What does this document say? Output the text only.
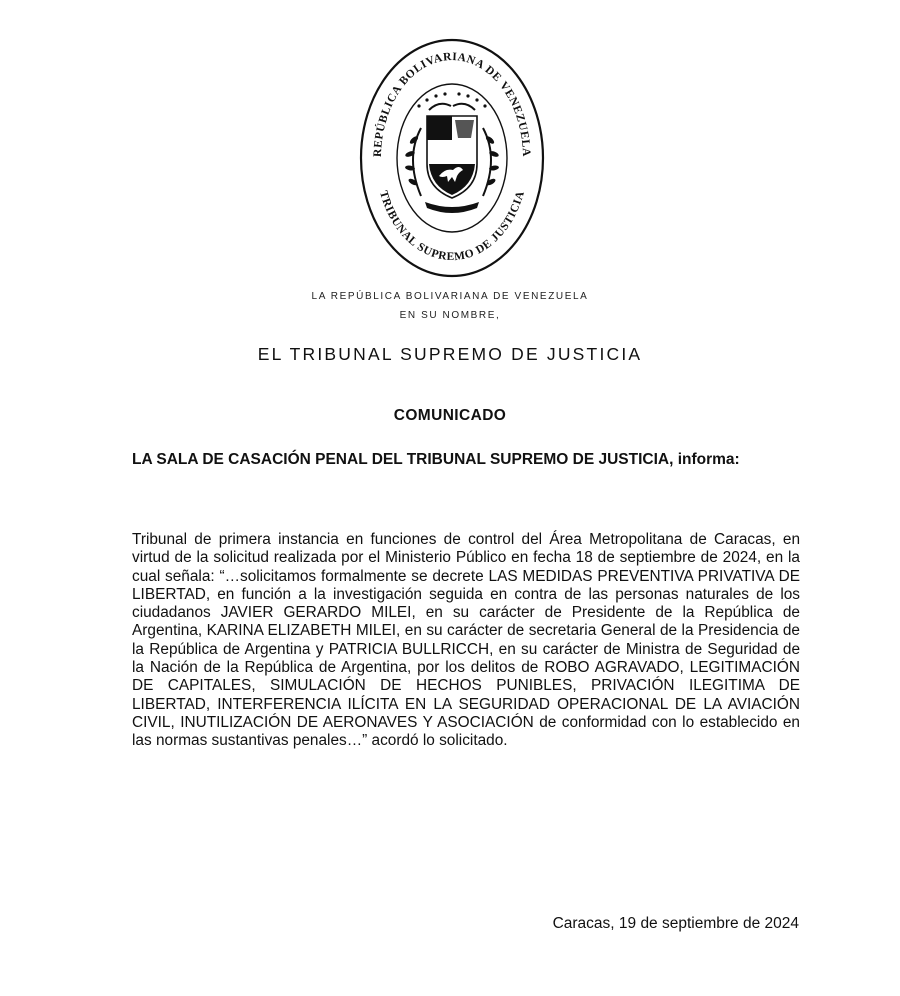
REPÚBLICA BOLIVARIANA DE VENEZUELA
TRIBUNAL SUPREMO DE JUSTICIA
LA REPÚBLICA BOLIVARIANA DE VENEZUELA
EN SU NOMBRE,
EL TRIBUNAL SUPREMO DE JUSTICIA
COMUNICADO
LA SALA DE CASACIÓN PENAL DEL TRIBUNAL SUPREMO DE JUSTICIA, informa:
Tribunal de primera instancia en funciones de control del Área Metropolitana de Caracas, en virtud de la solicitud realizada por el Ministerio Público en fecha 18 de septiembre de 2024, en la cual señala: “…solicitamos formalmente se decrete LAS MEDIDAS PREVENTIVA PRIVATIVA DE LIBERTAD, en función a la investigación seguida en contra de las personas naturales de los ciudadanos JAVIER GERARDO MILEI, en su carácter de Presidente de la República de Argentina, KARINA ELIZABETH MILEI, en su carácter de secretaria General de la Presidencia de la República de Argentina y PATRICIA BULLRICCH, en su carácter de Ministra de Seguridad de la Nación de la República de Argentina, por los delitos de ROBO AGRAVADO, LEGITIMACIÓN DE CAPITALES, SIMULACIÓN DE HECHOS PUNIBLES, PRIVACIÓN ILEGITIMA DE LIBERTAD, INTERFERENCIA ILÍCITA EN LA SEGURIDAD OPERACIONAL DE LA AVIACIÓN CIVIL, INUTILIZACIÓN DE AERONAVES Y ASOCIACIÓN de conformidad con lo establecido en las normas sustantivas penales…” acordó lo solicitado.
Caracas, 19 de septiembre de 2024
